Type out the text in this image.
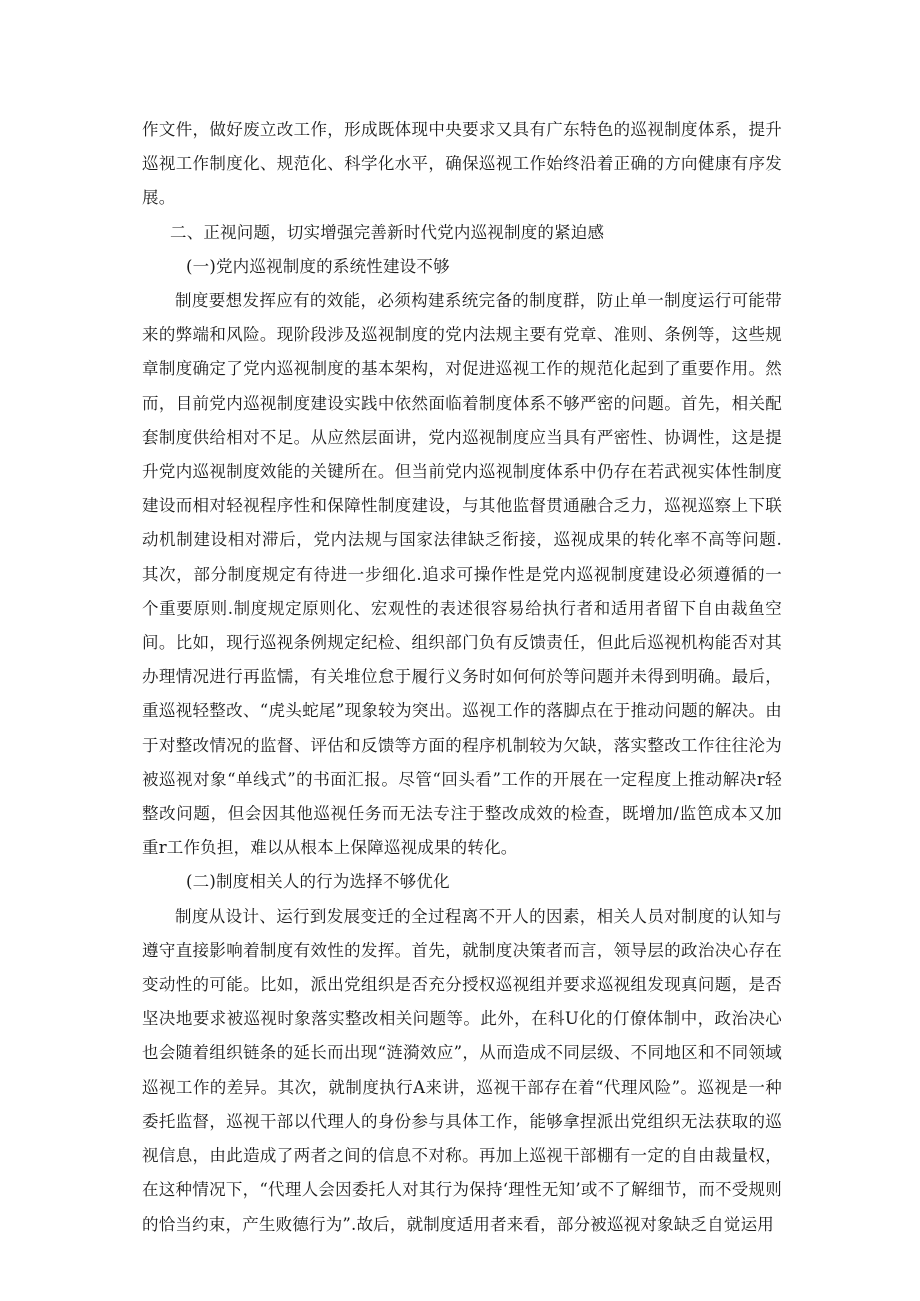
作文件，做好废立改工作，形成既体现中央要求又具有广东特色的巡视制度体系，提升巡视工作制度化、规范化、科学化水平，确保巡视工作始终沿着正确的方向健康有序发展。

二、正视问题，切实增强完善新时代党内巡视制度的紧迫感

(一)党内巡视制度的系统性建设不够

制度要想发挥应有的效能，必须构建系统完备的制度群，防止单一制度运行可能带来的弊端和风险。现阶段涉及巡视制度的党内法规主要有党章、准则、条例等，这些规章制度确定了党内巡视制度的基本架构，对促进巡视工作的规范化起到了重要作用。然而，目前党内巡视制度建设实践中依然面临着制度体系不够严密的问题。首先，相关配套制度供给相对不足。从应然层面讲，党内巡视制度应当具有严密性、协调性，这是提升党内巡视制度效能的关键所在。但当前党内巡视制度体系中仍存在若武视实体性制度建设而相对轻视程序性和保障性制度建设，与其他监督贯通融合乏力，巡视巡察上下联动机制建设相对滞后，党内法规与国家法律缺乏衔接，巡视成果的转化率不高等问题.其次，部分制度规定有待进一步细化.追求可操作性是党内巡视制度建设必须遵循的一个重要原则.制度规定原则化、宏观性的表述很容易给执行者和适用者留下自由裁鱼空间。比如，现行巡视条例规定纪检、组织部门负有反馈责任，但此后巡视机构能否对其办理情况进行再监懦，有关堆位怠于履行义务时如何何於等问题并未得到明确。最后，重巡视轻整改、“虎头蛇尾”现象较为突出。巡视工作的落脚点在于推动问题的解决。由于对整改情况的监督、评估和反馈等方面的程序机制较为欠缺，落实整改工作往往沦为被巡视对象“单线式”的书面汇报。尽管“回头看”工作的开展在一定程度上推动解决r轻整改问题，但会因其他巡视任务而无法专注于整改成效的检查，既增加/监笆成本又加重r工作负担，难以从根本上保障巡视成果的转化。

(二)制度相关人的行为选择不够优化

制度从设计、运行到发展变迁的全过程离不开人的因素，相关人员对制度的认知与遵守直接影响着制度有效性的发挥。首先，就制度决策者而言，领导层的政治决心存在变动性的可能。比如，派出党组织是否充分授权巡视组并要求巡视组发现真问题，是否坚决地要求被巡视时象落实整改相关问题等。此外，在科U化的仃僚体制中，政治决心也会随着组织链条的延长而出现“涟漪效应”，从而造成不同层级、不同地区和不同领域巡视工作的差异。其次，就制度执行A来讲，巡视干部存在着“代理风险”。巡视是一种委托监督，巡视干部以代理人的身份参与具体工作，能够拿捏派出党组织无法获取的巡视信息，由此造成了两者之间的信息不对称。再加上巡视干部棚有一定的自由裁量权，在这种情况下，“代理人会因委托人对其行为保持‘理性无知’或不了解细节，而不受规则的恰当约束，产生败德行为”.故后，就制度适用者来看，部分被巡视对象缺乏自觉运用
